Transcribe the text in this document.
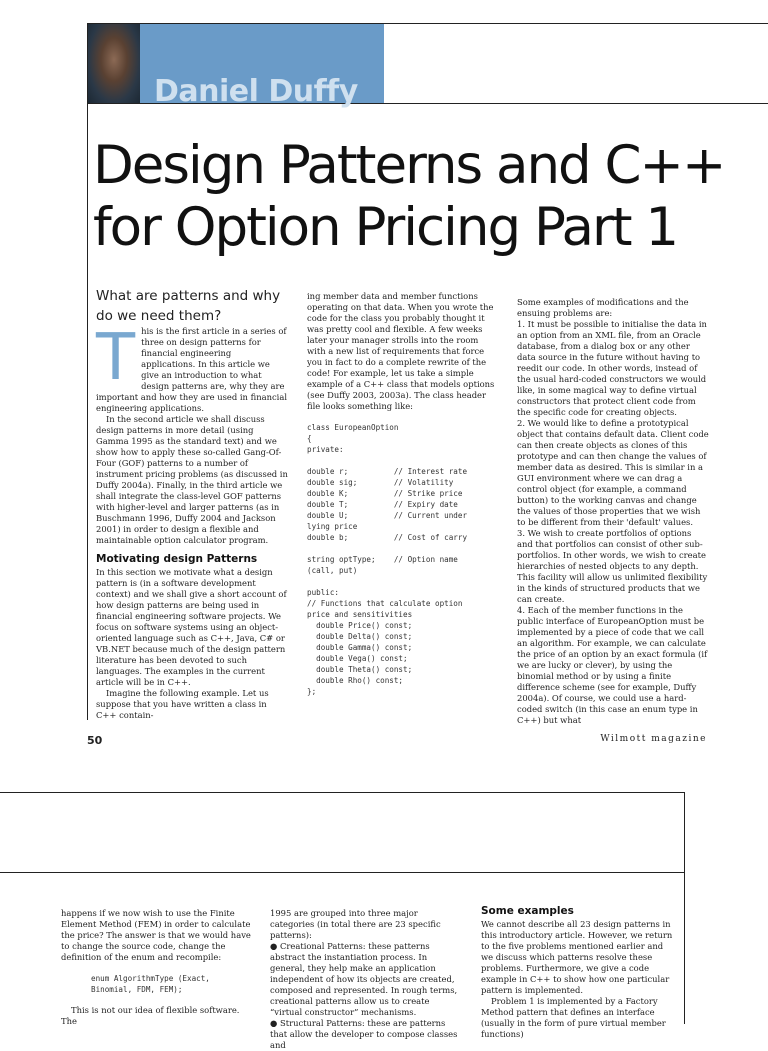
Daniel Duffy
Design Patterns and C++
for Option Pricing Part 1

What are patterns and why do we need them?

This is the first article in a series of three on design patterns for financial engineering applications. In this article we give an introduction to what design patterns are, why they are important and how they are used in financial engineering applications.

In the second article we shall discuss design patterns in more detail (using Gamma 1995 as the standard text) and we show how to apply these so-called Gang-Of-Four (GOF) patterns to a number of instrument pricing problems (as discussed in Duffy 2004a). Finally, in the third article we shall integrate the class-level GOF patterns with higher-level and larger patterns (as in Buschmann 1996, Duffy 2004 and Jackson 2001) in order to design a flexible and maintainable option calculator program.

Motivating design Patterns

In this section we motivate what a design pattern is (in a software development context) and we shall give a short account of how design patterns are being used in financial engineering software projects. We focus on software systems using an object-oriented language such as C++, Java, C# or VB.NET because much of the design pattern literature has been devoted to such languages. The examples in the current article will be in C++.

Imagine the following example. Let us suppose that you have written a class in C++ contain-

ing member data and member functions operating on that data. When you wrote the code for the class you probably thought it was pretty cool and flexible. A few weeks later your manager strolls into the room with a new list of requirements that force you in fact to do a complete rewrite of the code! For example, let us take a simple example of a C++ class that models options (see Duffy 2003, 2003a). The class header file looks something like:

class EuropeanOption
{
private:

double r;          // Interest rate
double sig;        // Volatility
double K;          // Strike price
double T;          // Expiry date
double U;          // Current under
lying price
double b;          // Cost of carry

string optType;    // Option name
(call, put)

public:
// Functions that calculate option
price and sensitivities
double Price() const;
double Delta() const;
double Gamma() const;
double Vega() const;
double Theta() const;
double Rho() const;
};

Some examples of modifications and the ensuing problems are:

1. It must be possible to initialise the data in an option from an XML file, from an Oracle database, from a dialog box or any other data source in the future without having to reedit our code. In other words, instead of the usual hard-coded constructors we would like, in some magical way to define virtual constructors that protect client code from the specific code for creating objects.

2. We would like to define a prototypical object that contains default data. Client code can then create objects as clones of this prototype and can then change the values of member data as desired. This is similar in a GUI environment where we can drag a control object (for example, a command button) to the working canvas and change the values of those properties that we wish to be different from their 'default' values.

3. We wish to create portfolios of options and that portfolios can consist of other sub-portfolios. In other words, we wish to create hierarchies of nested objects to any depth. This facility will allow us unlimited flexibility in the kinds of structured products that we can create.

4. Each of the member functions in the public interface of EuropeanOption must be implemented by a piece of code that we call an algorithm. For example, we can calculate the price of an option by an exact formula (if we are lucky or clever), by using the binomial method or by using a finite difference scheme (see for example, Duffy 2004a). Of course, we could use a hard-coded switch (in this case an enum type in C++) but what

50	Wilmott magazine

happens if we now wish to use the Finite Element Method (FEM) in order to calculate the price? The answer is that we would have to change the source code, change the definition of the enum and recompile:

enum AlgorithmType (Exact,
Binomial, FDM, FEM);

This is not our idea of flexible software. The

1995 are grouped into three major categories (in total there are 23 specific patterns):

● Creational Patterns: these patterns abstract the instantiation process. In general, they help make an application independent of how its objects are created, composed and represented. In rough terms, creational patterns allow us to create “virtual constructor” mechanisms.

● Structural Patterns: these are patterns that allow the developer to compose classes and

Some examples

We cannot describe all 23 design patterns in this introductory article. However, we return to the five problems mentioned earlier and we discuss which patterns resolve these problems. Furthermore, we give a code example in C++ to show how one particular pattern is implemented.

Problem 1 is implemented by a Factory Method pattern that defines an interface (usually in the form of pure virtual member functions)
